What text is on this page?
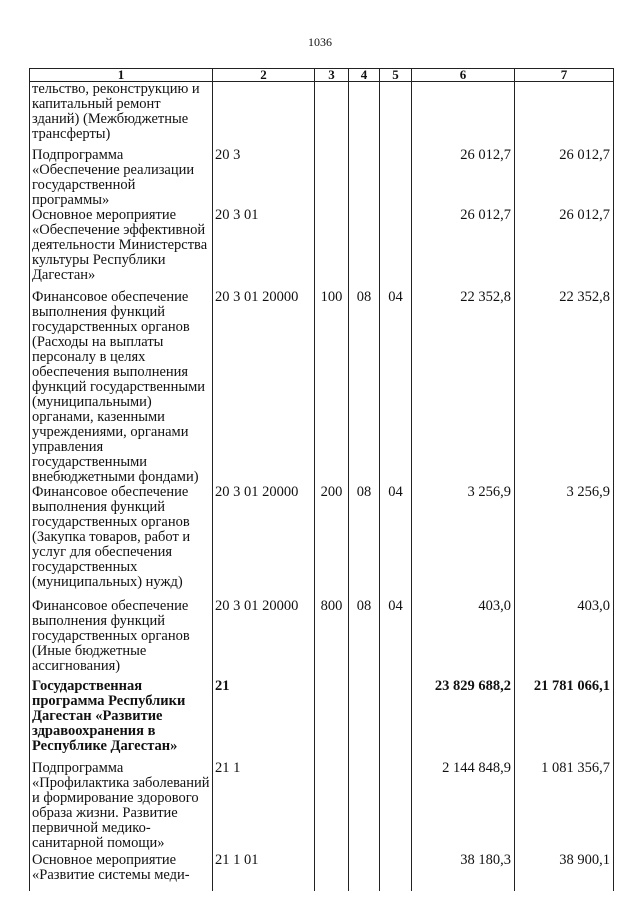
1036
1	2	3	4	5	6	7
тельство, реконструкцию и капитальный ремонт зданий) (Межбюджетные трансферты)						
Подпрограмма «Обеспечение реализации государственной программы»	20 3				26 012,7	26 012,7
Основное мероприятие «Обеспечение эффективной деятельности Министерства культуры Республики Дагестан»	20 3 01				26 012,7	26 012,7
Финансовое обеспечение выполнения функций государственных органов (Расходы на выплаты персоналу в целях обеспечения выполнения функций государственными (муниципальными) органами, казенными учреждениями, органами управления государственными внебюджетными фондами)	20 3 01 20000	100	08	04	22 352,8	22 352,8
Финансовое обеспечение выполнения функций государственных органов (Закупка товаров, работ и услуг для обеспечения государственных (муниципальных) нужд)	20 3 01 20000	200	08	04	3 256,9	3 256,9
Финансовое обеспечение выполнения функций государственных органов (Иные бюджетные ассигнования)	20 3 01 20000	800	08	04	403,0	403,0
Государственная программа Республики Дагестан «Развитие здравоохранения в Республике Дагестан»	21				23 829 688,2	21 781 066,1
Подпрограмма «Профилактика заболеваний и формирование здорового образа жизни. Развитие первичной медико-санитарной помощи»	21 1				2 144 848,9	1 081 356,7
Основное мероприятие «Развитие системы меди-	21 1 01				38 180,3	38 900,1
